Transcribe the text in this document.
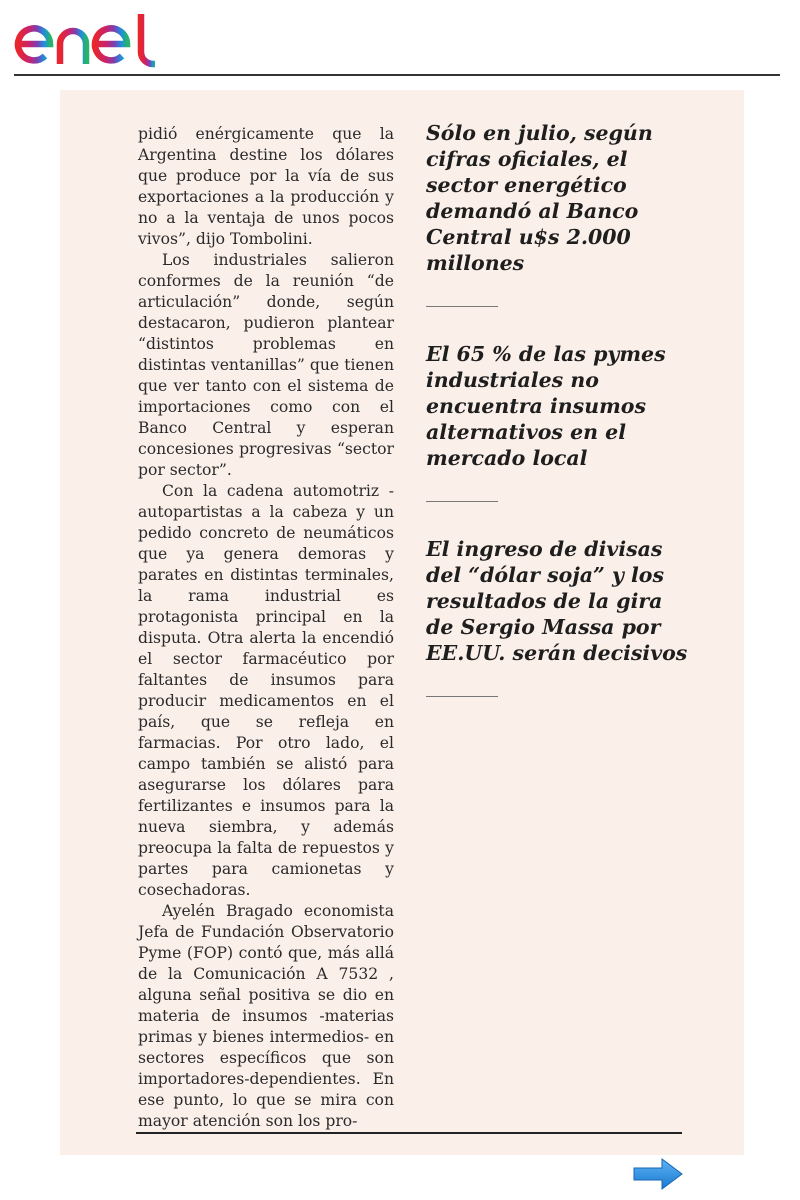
pidió enérgicamente que la Argentina destine los dólares que produce por la vía de sus exportaciones a la producción y no a la ventaja de unos pocos vivos”, dijo Tombolini.

Los industriales salieron conformes de la reunión “de articulación” donde, según destacaron, pudieron plantear “distintos problemas en distintas ventanillas” que tienen que ver tanto con el sistema de importaciones como con el Banco Central y esperan concesiones progresivas “sector por sector”.

Con la cadena automotriz -autopartistas a la cabeza y un pedido concreto de neumáticos que ya genera demoras y parates en distintas terminales, la rama industrial es protagonista principal en la disputa. Otra alerta la encendió el sector farmacéutico por faltantes de insumos para producir medicamentos en el país, que se refleja en farmacias. Por otro lado, el campo también se alistó para asegurarse los dólares para fertilizantes e insumos para la nueva siembra, y además preocupa la falta de repuestos y partes para camionetas y cosechadoras.

Ayelén Bragado economista Jefa de Fundación Observatorio Pyme (FOP) contó que, más allá de la Comunicación A 7532 , alguna señal positiva se dio en materia de insumos -materias primas y bienes intermedios- en sectores específicos que son importadores-dependientes. En ese punto, lo que se mira con mayor atención son los pro-

Sólo en julio, según cifras oficiales, el sector energético demandó al Banco Central u$s 2.000 millones

El 65 % de las pymes industriales no encuentra insumos alternativos en el mercado local

El ingreso de divisas del “dólar soja” y los resultados de la gira de Sergio Massa por EE.UU. serán decisivos
